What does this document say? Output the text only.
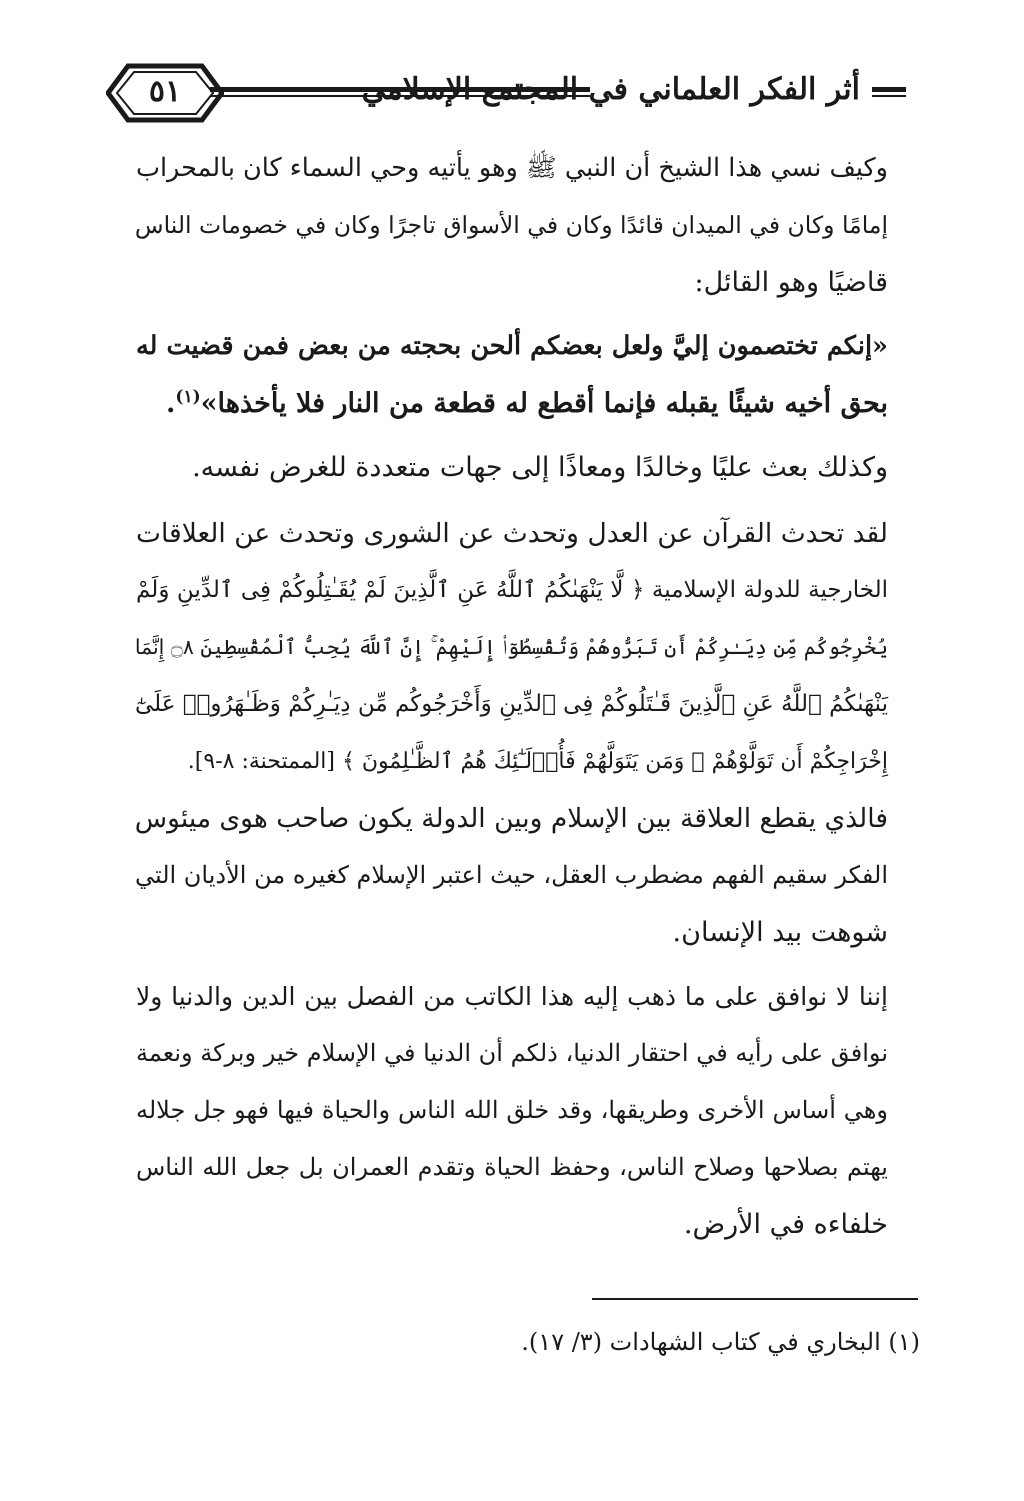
٥١	أثر الفكر العلماني في المجتمع الإسلامي

وكيف نسي هذا الشيخ أن النبي ﷺ وهو يأتيه وحي السماء كان بالمحراب
إمامًا وكان في الميدان قائدًا وكان في الأسواق تاجرًا وكان في خصومات الناس
قاضيًا وهو القائل:

«إنكم تختصمون إليَّ ولعل بعضكم ألحن بحجته من بعض فمن قضيت له
بحق أخيه شيئًا يقبله فإنما أقطع له قطعة من النار فلا يأخذها»$^{(١)}$.

وكذلك بعث عليًا وخالدًا ومعاذًا إلى جهات متعددة للغرض نفسه.

لقد تحدث القرآن عن العدل وتحدث عن الشورى وتحدث عن العلاقات
الخارجية للدولة الإسلامية ﴿ لَّا يَنْهَىٰكُمُ ٱللَّهُ عَنِ ٱلَّذِينَ لَمْ يُقَـٰتِلُوكُمْ فِى ٱلدِّينِ وَلَمْ
يُخْرِجُوكُم مِّن دِيَـٰرِكُمْ أَن تَبَرُّوهُمْ وَتُقْسِطُوٓا۟ إِلَيْهِمْ ۚ إِنَّ ٱللَّهَ يُحِبُّ ٱلْمُقْسِطِينَ ۝٨ إِنَّمَا
يَنْهَىٰكُمُ ٱللَّهُ عَنِ ٱلَّذِينَ قَـٰتَلُوكُمْ فِى ٱلدِّينِ وَأَخْرَجُوكُم مِّن دِيَـٰرِكُمْ وَظَـٰهَرُوا۟ عَلَىٰٓ
إِخْرَاجِكُمْ أَن تَوَلَّوْهُمْ ۚ وَمَن يَتَوَلَّهُمْ فَأُو۟لَـٰٓئِكَ هُمُ ٱلظَّـٰلِمُونَ ﴾ [الممتحنة: ٨-٩].

فالذي يقطع العلاقة بين الإسلام وبين الدولة يكون صاحب هوى ميئوس
الفكر سقيم الفهم مضطرب العقل، حيث اعتبر الإسلام كغيره من الأديان التي
شوهت بيد الإنسان.

إننا لا نوافق على ما ذهب إليه هذا الكاتب من الفصل بين الدين والدنيا ولا
نوافق على رأيه في احتقار الدنيا، ذلكم أن الدنيا في الإسلام خير وبركة ونعمة
وهي أساس الأخرى وطريقها، وقد خلق الله الناس والحياة فيها فهو جل جلاله
يهتم بصلاحها وصلاح الناس، وحفظ الحياة وتقدم العمران بل جعل الله الناس
خلفاءه في الأرض.

(١) البخاري في كتاب الشهادات (٣/ ١٧).
